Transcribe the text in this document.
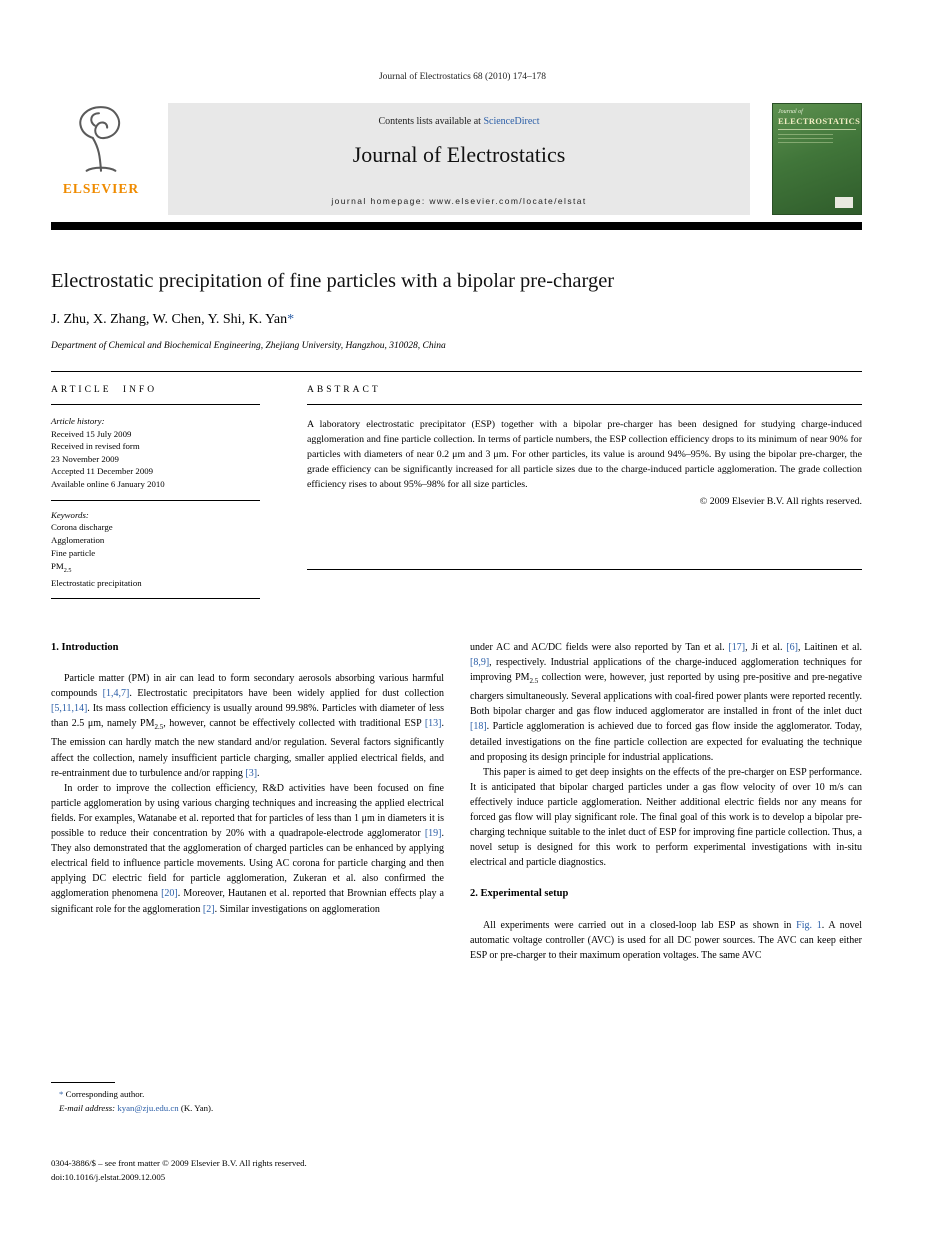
Journal of Electrostatics 68 (2010) 174–178
ELSEVIER
Contents lists available at ScienceDirect
Journal of Electrostatics
journal homepage: www.elsevier.com/locate/elstat
Journal of
ELECTROSTATICS
Electrostatic precipitation of fine particles with a bipolar pre-charger
J. Zhu, X. Zhang, W. Chen, Y. Shi, K. Yan*
Department of Chemical and Biochemical Engineering, Zhejiang University, Hangzhou, 310028, China
ARTICLE INFO
Article history:
Received 15 July 2009
Received in revised form
23 November 2009
Accepted 11 December 2009
Available online 6 January 2010
Keywords:
Corona discharge
Agglomeration
Fine particle
$PM_{2.5}$
Electrostatic precipitation
ABSTRACT
A laboratory electrostatic precipitator (ESP) together with a bipolar pre-charger has been designed for studying charge-induced agglomeration and fine particle collection. In terms of particle numbers, the ESP collection efficiency drops to its minimum of near 90% for particles with diameters of near 0.2 μm and 3 μm. For other particles, its value is around 94%–95%. By using the bipolar pre-charger, the grade efficiency can be significantly increased for all particle sizes due to the charge-induced particle agglomeration. The grade collection efficiency rises to about 95%–98% for all size particles.
© 2009 Elsevier B.V. All rights reserved.
1. Introduction

Particle matter (PM) in air can lead to form secondary aerosols absorbing various harmful compounds [1,4,7]. Electrostatic precipitators have been widely applied for dust collection [5,11,14]. Its mass collection efficiency is usually around 99.98%. Particles with diameter of less than 2.5 μm, namely $PM_{2.5}$, however, cannot be effectively collected with traditional ESP [13]. The emission can hardly match the new standard and/or regulation. Several factors significantly affect the collection, namely insufficient particle charging, smaller applied electrical fields, and re-entrainment due to turbulence and/or rapping [3].

In order to improve the collection efficiency, R&D activities have been focused on fine particle agglomeration by using various charging techniques and increasing the applied electrical fields. For examples, Watanabe et al. reported that for particles of less than 1 μm in diameters it is possible to reduce their concentration by 20% with a quadrapole-electrode agglomerator [19]. They also demonstrated that the agglomeration of charged particles can be enhanced by applying electrical field to influence particle movements. Using AC corona for particle charging and then applying DC electric field for particle agglomeration, Zukeran et al. also confirmed the agglomeration phenomena [20]. Moreover, Hautanen et al. reported that Brownian effects play a significant role for the agglomeration [2]. Similar investigations on agglomeration

under AC and AC/DC fields were also reported by Tan et al. [17], Ji et al. [6], Laitinen et al. [8,9], respectively. Industrial applications of the charge-induced agglomeration techniques for improving $PM_{2.5}$ collection were, however, just reported by using pre-positive and pre-negative chargers simultaneously. Several applications with coal-fired power plants were reported recently. Both bipolar charger and gas flow induced agglomerator are installed in front of the inlet duct [18]. Particle agglomeration is achieved due to forced gas flow inside the agglomerator. Today, detailed investigations on the fine particle collection are expected for evaluating the technique and proposing its design principle for industrial applications.

This paper is aimed to get deep insights on the effects of the pre-charger on ESP performance. It is anticipated that bipolar charged particles under a gas flow velocity of over 10 m/s can effectively induce particle agglomeration. Neither additional electric fields nor any means for forced gas flow will play significant role. The final goal of this work is to develop a bipolar pre-charging technique suitable to the inlet duct of ESP for improving fine particle collection. Thus, a novel setup is designed for this work to perform experimental investigations with in-situ electrical and particle diagnostics.

2. Experimental setup

All experiments were carried out in a closed-loop lab ESP as shown in Fig. 1. A novel automatic voltage controller (AVC) is used for all DC power sources. The AVC can keep either ESP or pre-charger to their maximum operation voltages. The same AVC

* Corresponding author.
E-mail address: kyan@zju.edu.cn (K. Yan).
0304-3886/$ – see front matter © 2009 Elsevier B.V. All rights reserved.
doi:10.1016/j.elstat.2009.12.005
